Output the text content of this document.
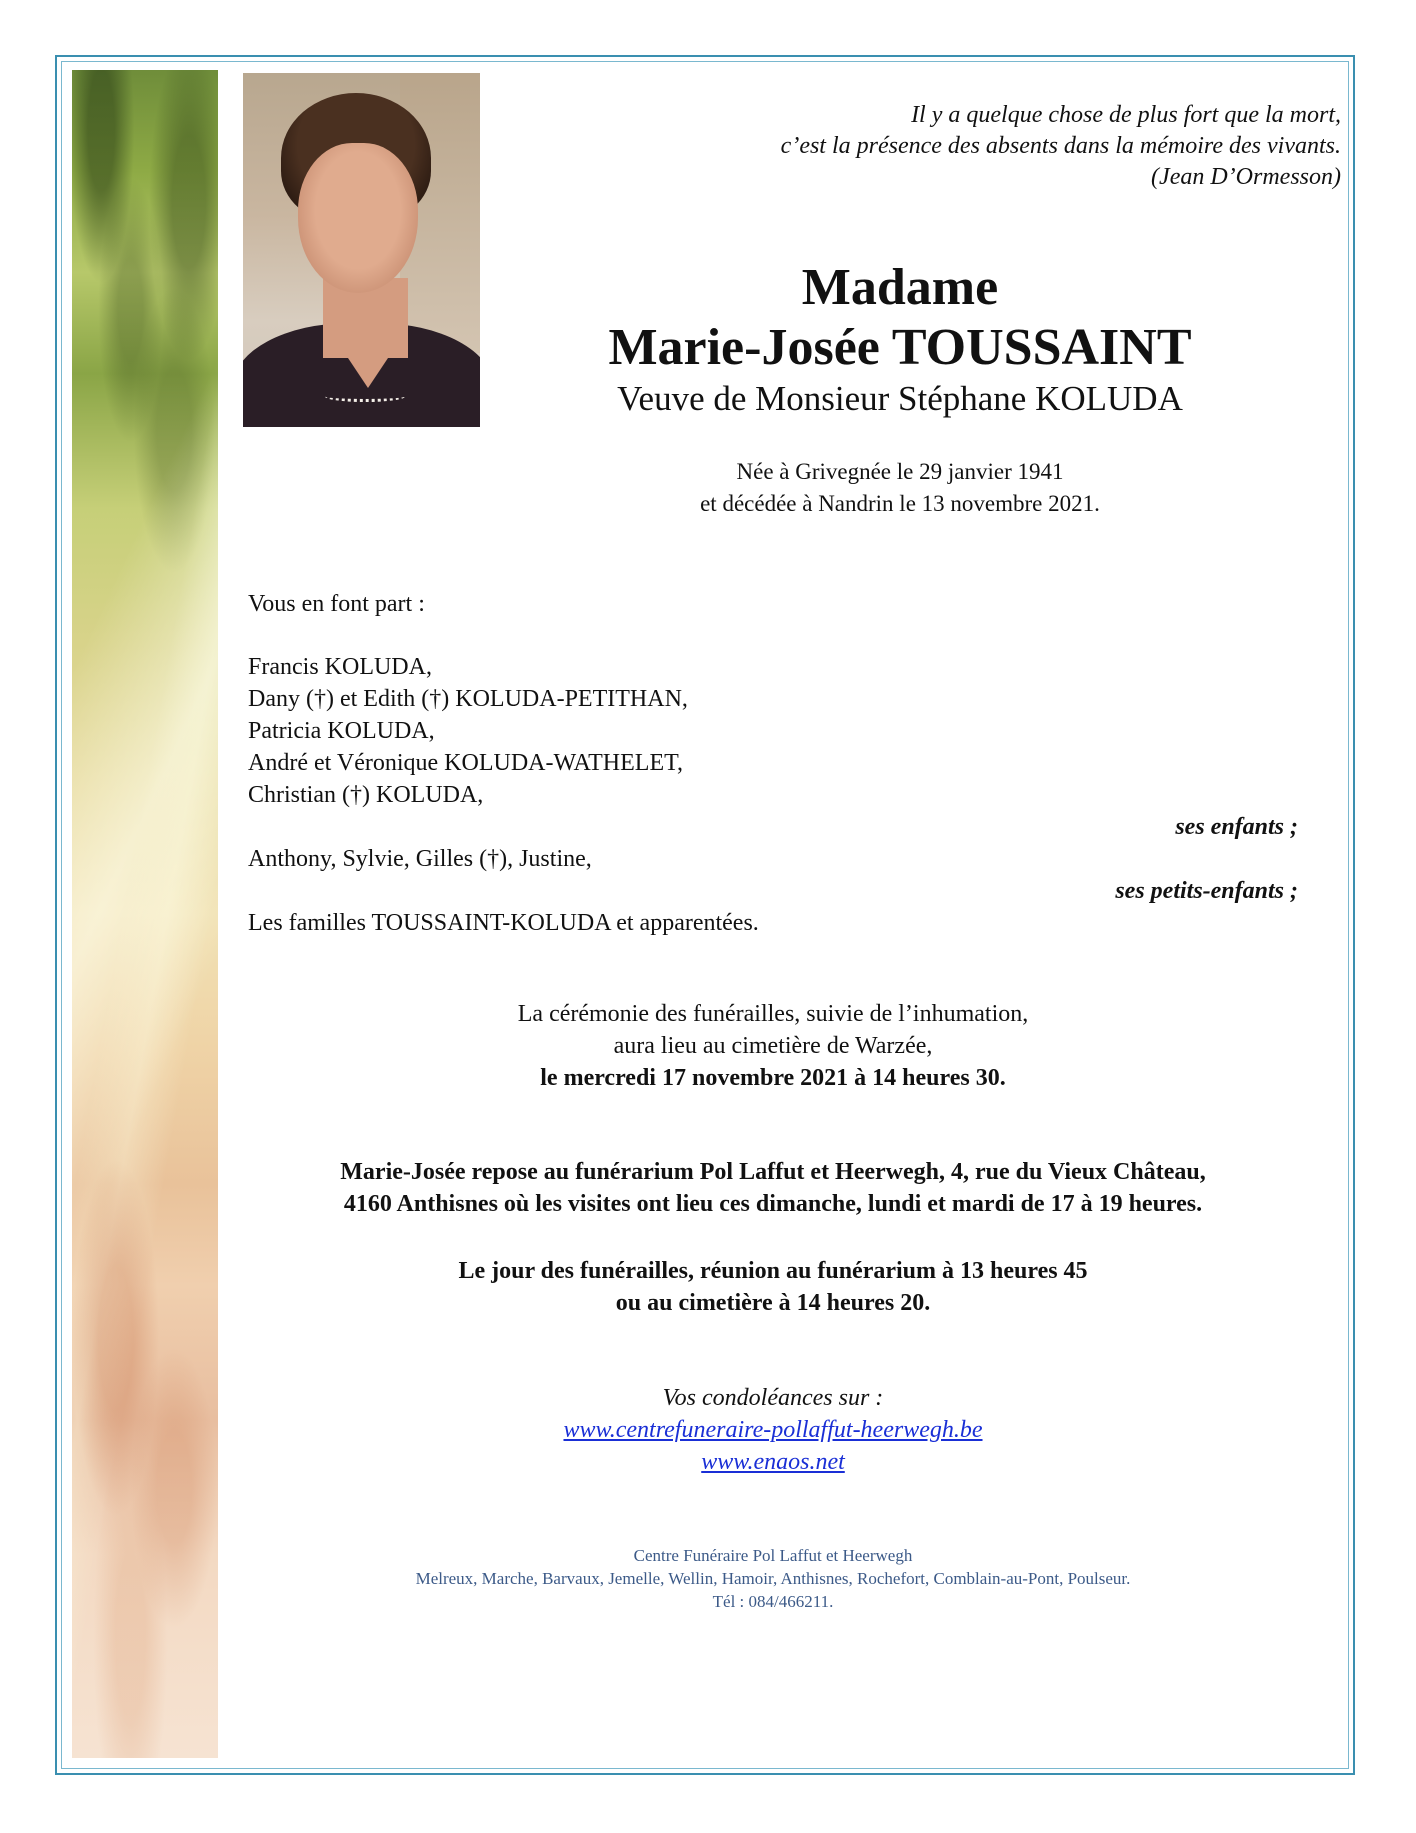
Il y a quelque chose de plus fort que la mort,
c’est la présence des absents dans la mémoire des vivants.
(Jean D’Ormesson)
Madame
Marie-Josée TOUSSAINT
Veuve de Monsieur Stéphane KOLUDA
Née à Grivegnée le 29 janvier 1941
et décédée à Nandrin le 13 novembre 2021.
Vous en font part :
Francis KOLUDA,
Dany (†) et Edith (†) KOLUDA-PETITHAN,
Patricia KOLUDA,
André et Véronique KOLUDA-WATHELET,
Christian (†) KOLUDA,
ses enfants ;
Anthony, Sylvie, Gilles (†), Justine,
ses petits-enfants ;
Les familles TOUSSAINT-KOLUDA et apparentées.
La cérémonie des funérailles, suivie de l’inhumation,
aura lieu au cimetière de Warzée,
le mercredi 17 novembre 2021 à 14 heures 30.
Marie-Josée repose au funérarium Pol Laffut et Heerwegh, 4, rue du Vieux Château,
4160 Anthisnes où les visites ont lieu ces dimanche, lundi et mardi de 17 à 19 heures.
Le jour des funérailles, réunion au funérarium à 13 heures 45
ou au cimetière à 14 heures 20.
Vos condoléances sur :
www.centrefuneraire-pollaffut-heerwegh.be
www.enaos.net
Centre Funéraire Pol Laffut et Heerwegh
Melreux, Marche, Barvaux, Jemelle, Wellin, Hamoir, Anthisnes, Rochefort, Comblain-au-Pont, Poulseur.
Tél : 084/466211.
